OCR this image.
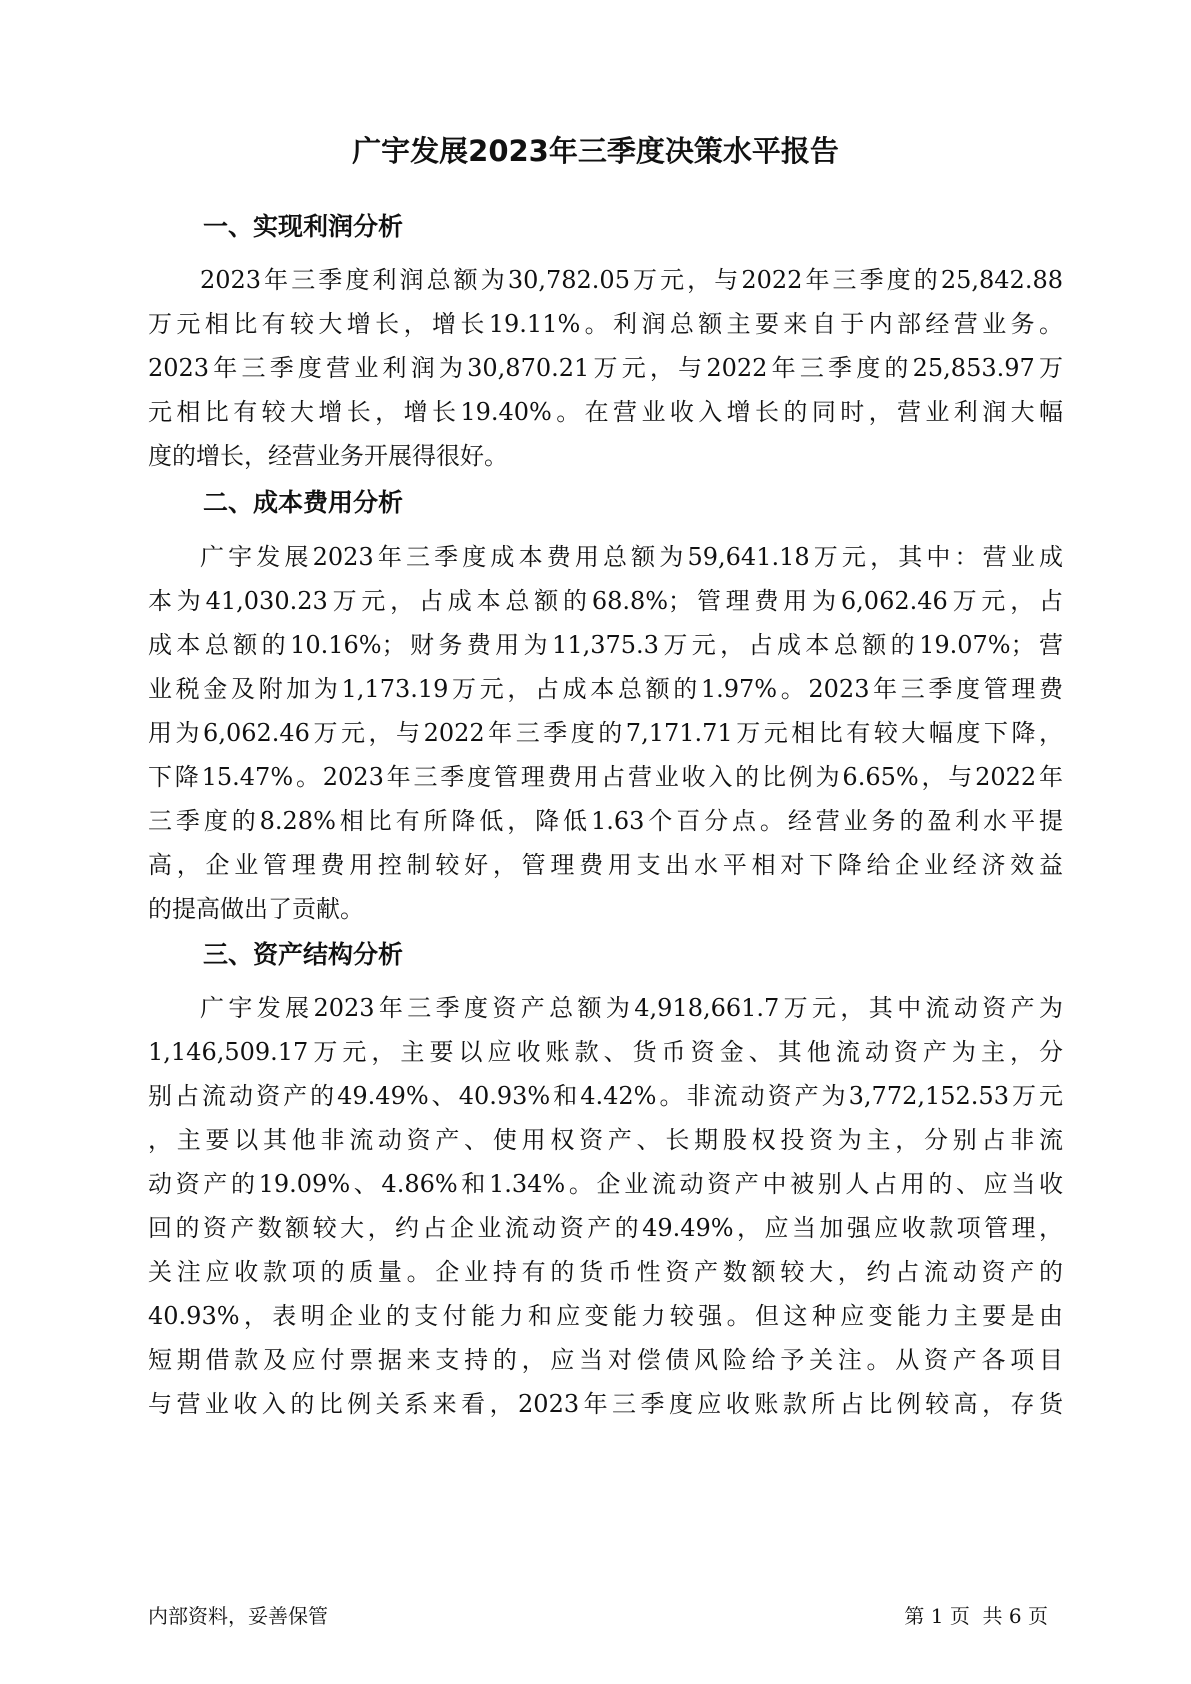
广宇发展2023年三季度决策水平报告
一、实现利润分析
2023年三季度利润总额为30,782.05万元，与2022年三季度的25,842.88
万元相比有较大增长，增长19.11%。利润总额主要来自于内部经营业务。
2023年三季度营业利润为30,870.21万元，与2022年三季度的25,853.97万
元相比有较大增长，增长19.40%。在营业收入增长的同时，营业利润大幅
度的增长，经营业务开展得很好。
二、成本费用分析
广宇发展2023年三季度成本费用总额为59,641.18万元，其中：营业成
本为41,030.23万元，占成本总额的68.8%；管理费用为6,062.46万元，占
成本总额的10.16%；财务费用为11,375.3万元，占成本总额的19.07%；营
业税金及附加为1,173.19万元，占成本总额的1.97%。2023年三季度管理费
用为6,062.46万元，与2022年三季度的7,171.71万元相比有较大幅度下降，
下降15.47%。2023年三季度管理费用占营业收入的比例为6.65%，与2022年
三季度的8.28%相比有所降低，降低1.63个百分点。经营业务的盈利水平提
高，企业管理费用控制较好，管理费用支出水平相对下降给企业经济效益
的提高做出了贡献。
三、资产结构分析
广宇发展2023年三季度资产总额为4,918,661.7万元，其中流动资产为
1,146,509.17万元，主要以应收账款、货币资金、其他流动资产为主，分
别占流动资产的49.49%、40.93%和4.42%。非流动资产为3,772,152.53万元
，主要以其他非流动资产、使用权资产、长期股权投资为主，分别占非流
动资产的19.09%、4.86%和1.34%。企业流动资产中被别人占用的、应当收
回的资产数额较大，约占企业流动资产的49.49%，应当加强应收款项管理，
关注应收款项的质量。企业持有的货币性资产数额较大，约占流动资产的
40.93%，表明企业的支付能力和应变能力较强。但这种应变能力主要是由
短期借款及应付票据来支持的，应当对偿债风险给予关注。从资产各项目
与营业收入的比例关系来看，2023年三季度应收账款所占比例较高，存货
内部资料，妥善保管	第 1 页  共 6 页
